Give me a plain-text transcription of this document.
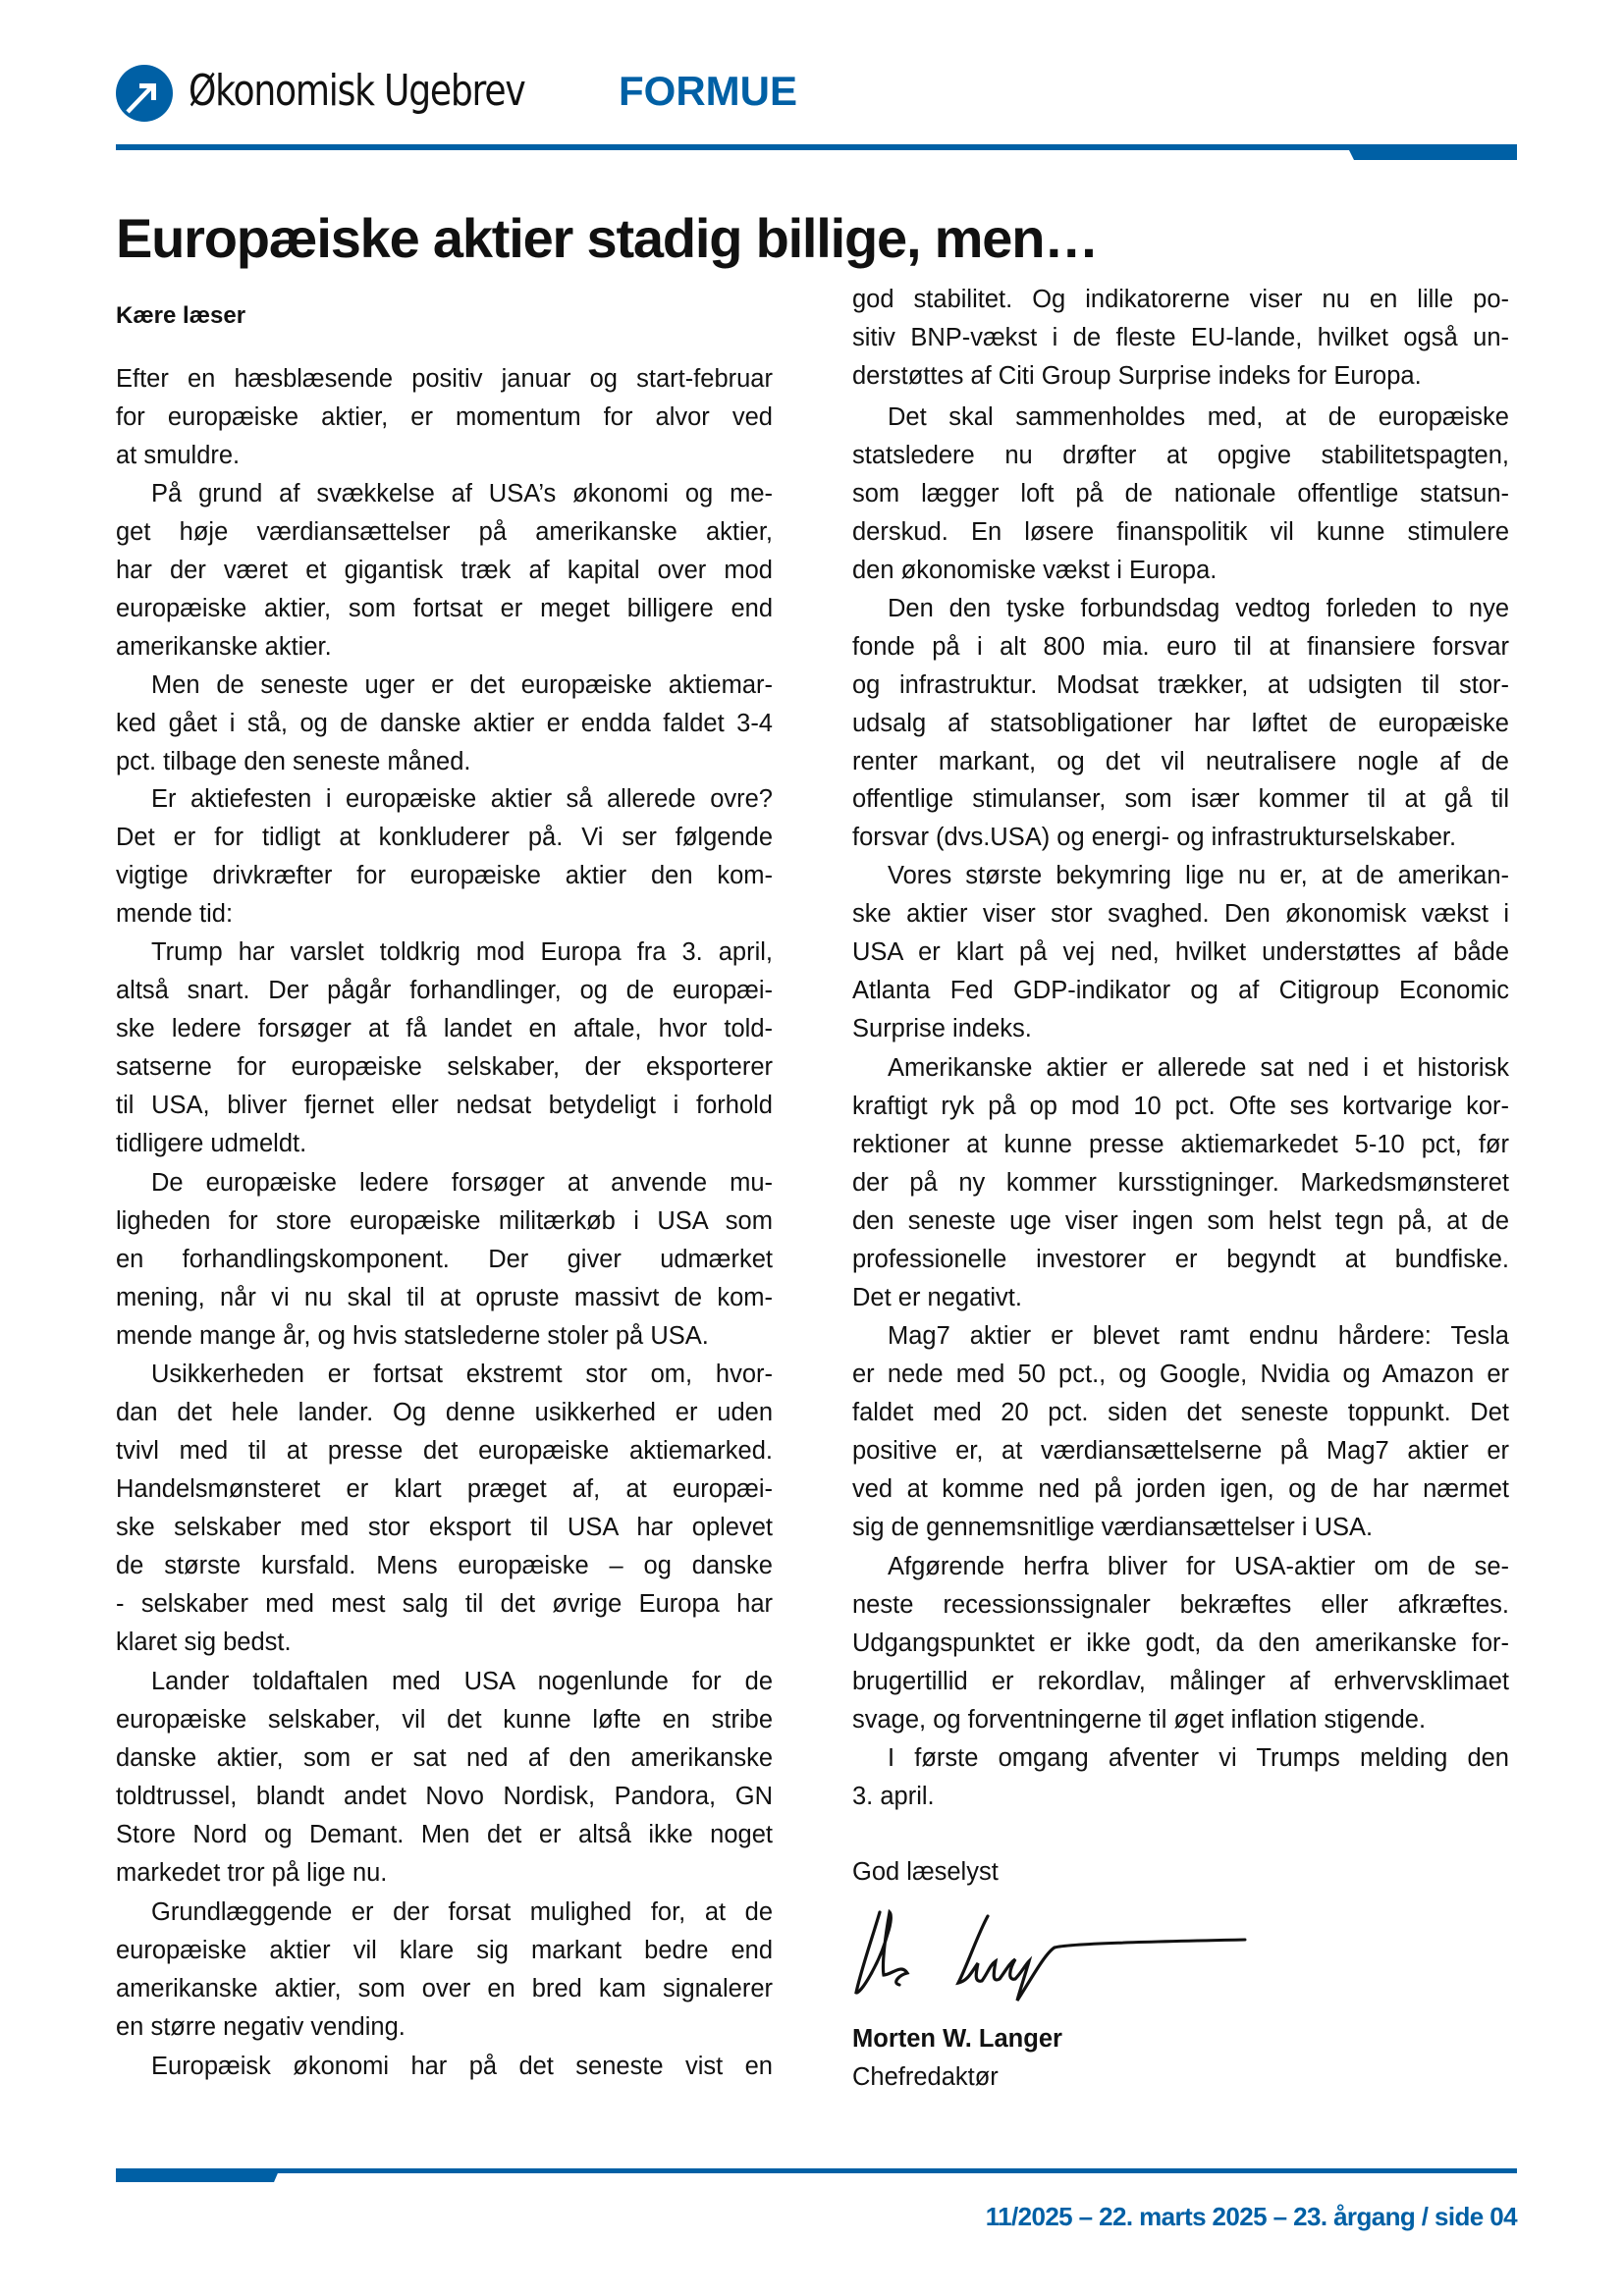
Økonomisk Ugebrev FORMUE
Europæiske aktier stadig billige, men…
Kære læser
Efter en hæsblæsende positiv januar og start-februar
for europæiske aktier, er momentum for alvor ved
at smuldre.
På grund af svækkelse af USA’s økonomi og me-
get høje værdiansættelser på amerikanske aktier,
har der været et gigantisk træk af kapital over mod
europæiske aktier, som fortsat er meget billigere end
amerikanske aktier.
Men de seneste uger er det europæiske aktiemar-
ked gået i stå, og de danske aktier er endda faldet 3-4
pct. tilbage den seneste måned.
Er aktiefesten i europæiske aktier så allerede ovre?
Det er for tidligt at konkluderer på. Vi ser følgende
vigtige drivkræfter for europæiske aktier den kom-
mende tid:
Trump har varslet toldkrig mod Europa fra 3. april,
altså snart. Der pågår forhandlinger, og de europæi-
ske ledere forsøger at få landet en aftale, hvor told-
satserne for europæiske selskaber, der eksporterer
til USA, bliver fjernet eller nedsat betydeligt i forhold
tidligere udmeldt.
De europæiske ledere forsøger at anvende mu-
ligheden for store europæiske militærkøb i USA som
en forhandlingskomponent. Der giver udmærket
mening, når vi nu skal til at opruste massivt de kom-
mende mange år, og hvis statslederne stoler på USA.
Usikkerheden er fortsat ekstremt stor om, hvor-
dan det hele lander. Og denne usikkerhed er uden
tvivl med til at presse det europæiske aktiemarked.
Handelsmønsteret er klart præget af, at europæi-
ske selskaber med stor eksport til USA har oplevet
de største kursfald. Mens europæiske – og danske
- selskaber med mest salg til det øvrige Europa har
klaret sig bedst.
Lander toldaftalen med USA nogenlunde for de
europæiske selskaber, vil det kunne løfte en stribe
danske aktier, som er sat ned af den amerikanske
toldtrussel, blandt andet Novo Nordisk, Pandora, GN
Store Nord og Demant. Men det er altså ikke noget
markedet tror på lige nu.
Grundlæggende er der forsat mulighed for, at de
europæiske aktier vil klare sig markant bedre end
amerikanske aktier, som over en bred kam signalerer
en større negativ vending.
Europæisk økonomi har på det seneste vist en
god stabilitet. Og indikatorerne viser nu en lille po-
sitiv BNP-vækst i de fleste EU-lande, hvilket også un-
derstøttes af Citi Group Surprise indeks for Europa.
Det skal sammenholdes med, at de europæiske
statsledere nu drøfter at opgive stabilitetspagten,
som lægger loft på de nationale offentlige statsun-
derskud. En løsere finanspolitik vil kunne stimulere
den økonomiske vækst i Europa.
Den den tyske forbundsdag vedtog forleden to nye
fonde på i alt 800 mia. euro til at finansiere forsvar
og infrastruktur. Modsat trækker, at udsigten til stor-
udsalg af statsobligationer har løftet de europæiske
renter markant, og det vil neutralisere nogle af de
offentlige stimulanser, som især kommer til at gå til
forsvar (dvs.USA) og energi- og infrastrukturselskaber.
Vores største bekymring lige nu er, at de amerikan-
ske aktier viser stor svaghed. Den økonomisk vækst i
USA er klart på vej ned, hvilket understøttes af både
Atlanta Fed GDP-indikator og af Citigroup Economic
Surprise indeks.
Amerikanske aktier er allerede sat ned i et historisk
kraftigt ryk på op mod 10 pct. Ofte ses kortvarige kor-
rektioner at kunne presse aktiemarkedet 5-10 pct, før
der på ny kommer kursstigninger. Markedsmønsteret
den seneste uge viser ingen som helst tegn på, at de
professionelle investorer er begyndt at bundfiske.
Det er negativt.
Mag7 aktier er blevet ramt endnu hårdere: Tesla
er nede med 50 pct., og Google, Nvidia og Amazon er
faldet med 20 pct. siden det seneste toppunkt. Det
positive er, at værdiansættelserne på Mag7 aktier er
ved at komme ned på jorden igen, og de har nærmet
sig de gennemsnitlige værdiansættelser i USA.
Afgørende herfra bliver for USA-aktier om de se-
neste recessionssignaler bekræftes eller afkræftes.
Udgangspunktet er ikke godt, da den amerikanske for-
brugertillid er rekordlav, målinger af erhvervsklimaet
svage, og forventningerne til øget inflation stigende.
I første omgang afventer vi Trumps melding den
3. april.
God læselyst
Morten W. Langer
Chefredaktør
11/2025 – 22. marts 2025 – 23. årgang / side 04
